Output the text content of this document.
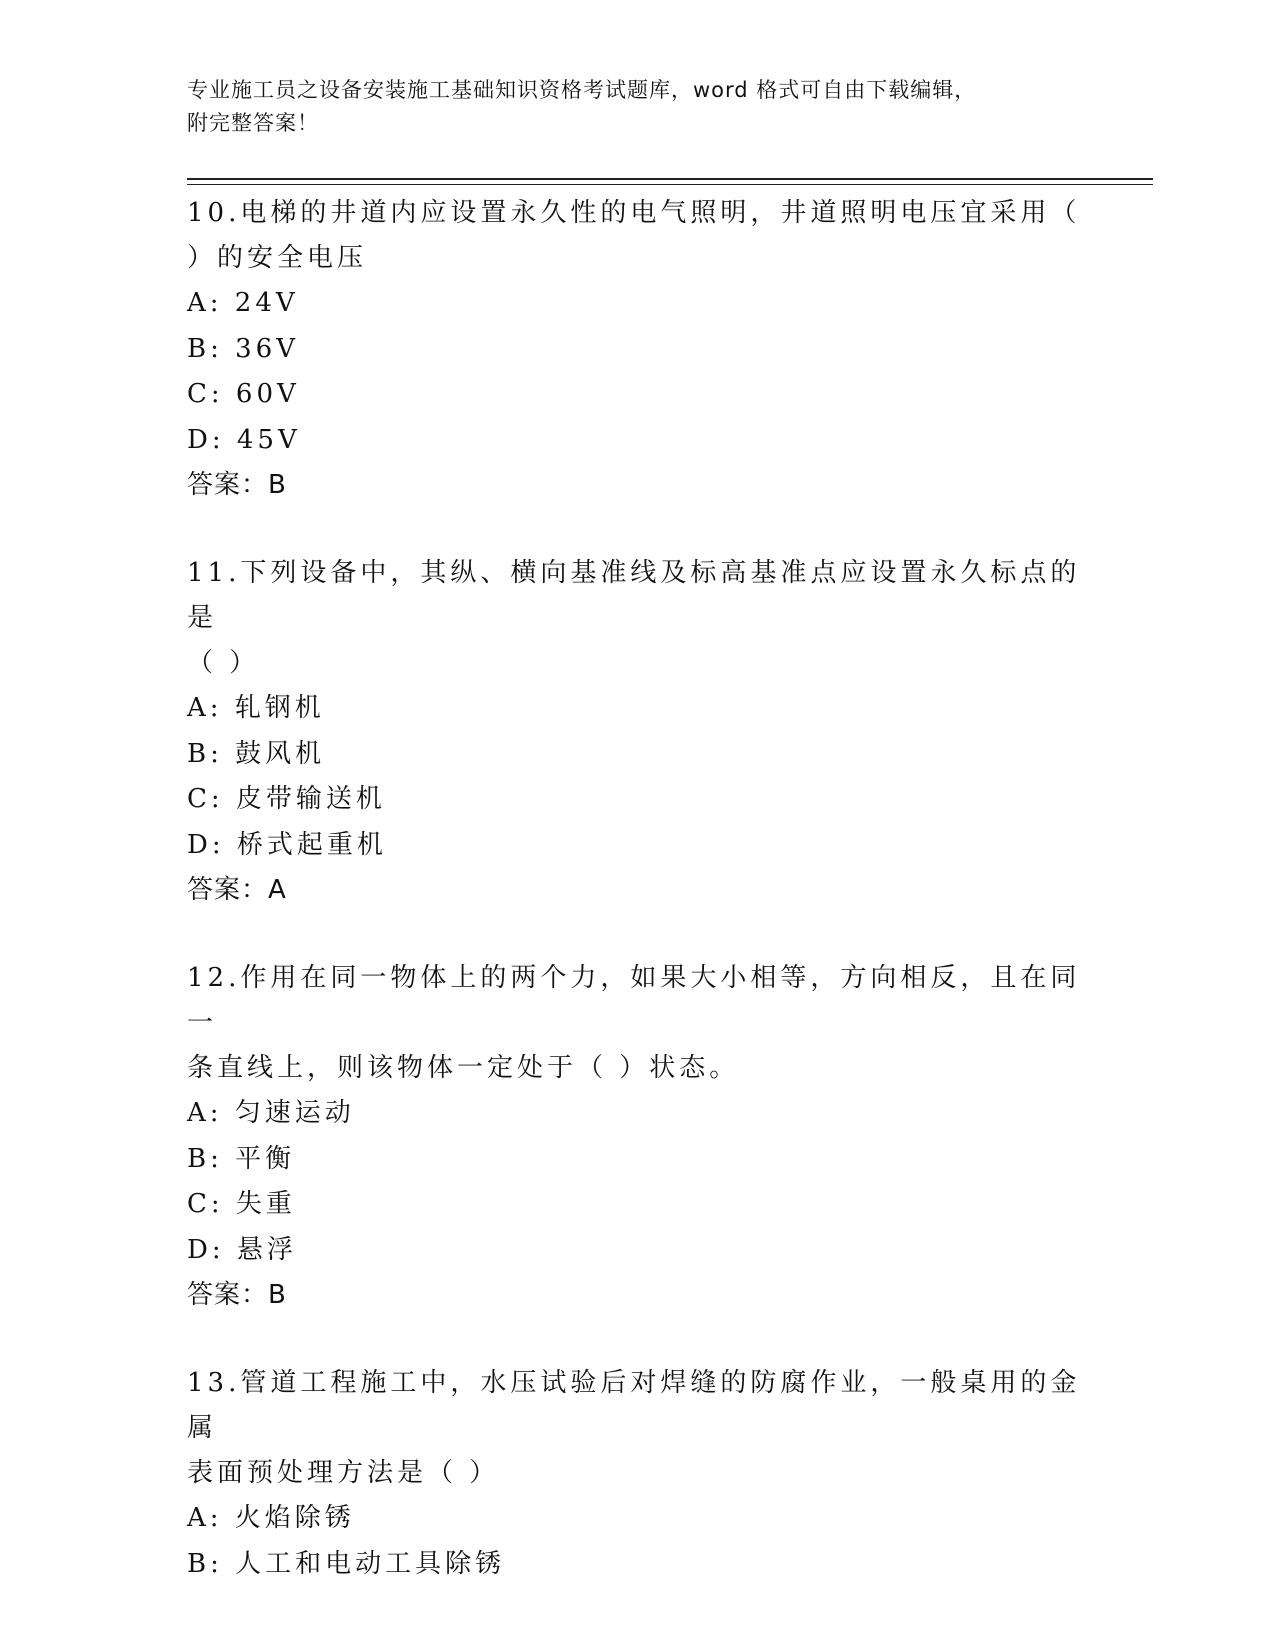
专业施工员之设备安装施工基础知识资格考试题库，word 格式可自由下载编辑，
附完整答案！

10.电梯的井道内应设置永久性的电气照明，井道照明电压宜采用（

）的安全电压

A: 24V

B: 36V

C: 60V

D: 45V

答案：B

11.下列设备中，其纵、横向基准线及标高基准点应设置永久标点的是

（ ）

A: 轧钢机

B: 鼓风机

C: 皮带输送机

D: 桥式起重机

答案：A

12.作用在同一物体上的两个力，如果大小相等，方向相反，且在同一

条直线上，则该物体一定处于（ ）状态。

A: 匀速运动

B: 平衡

C: 失重

D: 悬浮

答案：B

13.管道工程施工中，水压试验后对焊缝的防腐作业，一般桌用的金属

表面预处理方法是（ ）

A: 火焰除锈

B: 人工和电动工具除锈
